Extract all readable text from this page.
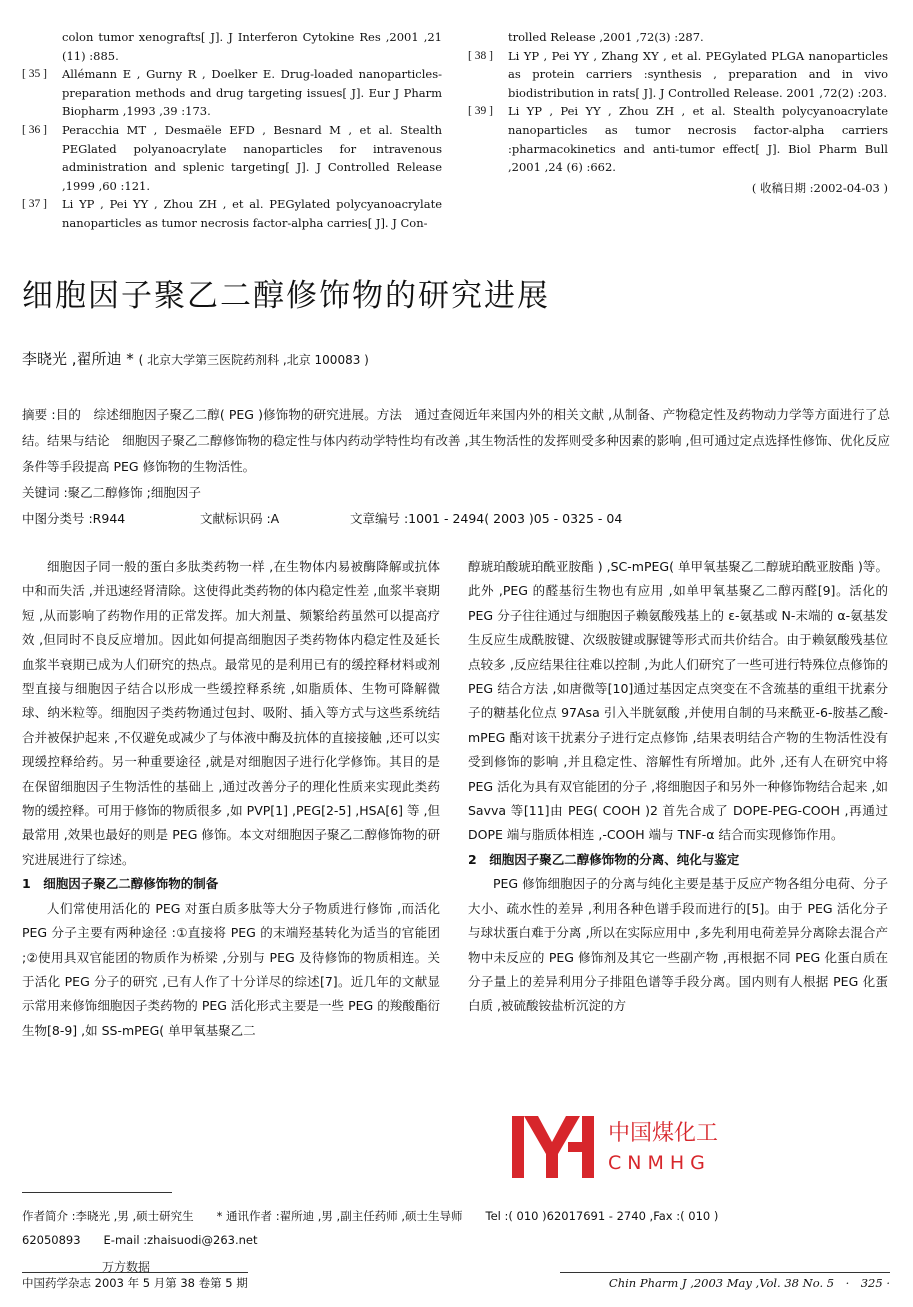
colon tumor xenografts[ J]. J Interferon Cytokine Res ,2001 ,21 (11) :885.
[ 35 ]	Allémann E , Gurny R , Doelker E. Drug-loaded nanoparticles-preparation methods and drug targeting issues[ J]. Eur J Pharm Biopharm ,1993 ,39 :173.
[ 36 ]	Peracchia MT , Desmaële EFD , Besnard M , et al. Stealth PEGlated polyanoacrylate nanoparticles for intravenous administration and splenic targeting[ J]. J Controlled Release ,1999 ,60 :121.
[ 37 ]	Li YP , Pei YY , Zhou ZH , et al. PEGylated polycyanoacrylate nanoparticles as tumor necrosis factor-alpha carries[ J]. J Con-
trolled Release ,2001 ,72(3) :287.
[ 38 ]	Li YP , Pei YY , Zhang XY , et al. PEGylated PLGA nanoparticles as protein carriers :synthesis , preparation and in vivo biodistribution in rats[ J]. J Controlled Release. 2001 ,72(2) :203.
[ 39 ]	Li YP , Pei YY , Zhou ZH , et al. Stealth polycyanoacrylate nanoparticles as tumor necrosis factor-alpha carriers :pharmacokinetics and anti-tumor effect[ J]. Biol Pharm Bull ,2001 ,24 (6) :662.
( 收稿日期 :2002-04-03 )
细胞因子聚乙二醇修饰物的研究进展
李晓光 ,翟所迪 * ( 北京大学第三医院药剂科 ,北京 100083 )

摘要 :目的　综述细胞因子聚乙二醇( PEG )修饰物的研究进展。方法　通过查阅近年来国内外的相关文献 ,从制备、产物稳定性及药物动力学等方面进行了总结。结果与结论　细胞因子聚乙二醇修饰物的稳定性与体内药动学特性均有改善 ,其生物活性的发挥则受多种因素的影响 ,但可通过定点选择性修饰、优化反应条件等手段提高 PEG 修饰物的生物活性。

关键词 :聚乙二醇修饰 ;细胞因子

中图分类号 :R944	文献标识码 :A	文章编号 :1001 - 2494( 2003 )05 - 0325 - 04

细胞因子同一般的蛋白多肽类药物一样 ,在生物体内易被酶降解或抗体中和而失活 ,并迅速经肾清除。这使得此类药物的体内稳定性差 ,血浆半衰期短 ,从而影响了药物作用的正常发挥。加大剂量、频繁给药虽然可以提高疗效 ,但同时不良反应增加。因此如何提高细胞因子类药物体内稳定性及延长血浆半衰期已成为人们研究的热点。最常见的是利用已有的缓控释材料或剂型直接与细胞因子结合以形成一些缓控释系统 ,如脂质体、生物可降解微球、纳米粒等。细胞因子类药物通过包封、吸附、插入等方式与这些系统结合并被保护起来 ,不仅避免或减少了与体液中酶及抗体的直接接触 ,还可以实现缓控释给药。另一种重要途径 ,就是对细胞因子进行化学修饰。其目的是在保留细胞因子生物活性的基础上 ,通过改善分子的理化性质来实现此类药物的缓控释。可用于修饰的物质很多 ,如 PVP[1] ,PEG[2-5] ,HSA[6] 等 ,但最常用 ,效果也最好的则是 PEG 修饰。本文对细胞因子聚乙二醇修饰物的研究进展进行了综述。

1　细胞因子聚乙二醇修饰物的制备

人们常使用活化的 PEG 对蛋白质多肽等大分子物质进行修饰 ,而活化 PEG 分子主要有两种途径 :①直接将 PEG 的末端羟基转化为适当的官能团 ;②使用具双官能团的物质作为桥梁 ,分别与 PEG 及待修饰的物质相连。关于活化 PEG 分子的研究 ,已有人作了十分详尽的综述[7]。近几年的文献显示常用来修饰细胞因子类药物的 PEG 活化形式主要是一些 PEG 的羧酸酯衍生物[8-9] ,如 SS-mPEG( 单甲氧基聚乙二

醇琥珀酸琥珀酰亚胺酯 ) ,SC-mPEG( 单甲氧基聚乙二醇琥珀酰亚胺酯 )等。此外 ,PEG 的醛基衍生物也有应用 ,如单甲氧基聚乙二醇丙醛[9]。活化的 PEG 分子往往通过与细胞因子赖氨酸残基上的 ε-氨基或 N-末端的 α-氨基发生反应生成酰胺键、次级胺键或脲键等形式而共价结合。由于赖氨酸残基位点较多 ,反应结果往往难以控制 ,为此人们研究了一些可进行特殊位点修饰的 PEG 结合方法 ,如唐微等[10]通过基因定点突变在不含巯基的重组干扰素分子的糖基化位点 97Asa 引入半胱氨酸 ,并使用自制的马来酰亚-6-胺基乙酸-mPEG 酯对该干扰素分子进行定点修饰 ,结果表明结合产物的生物活性没有受到修饰的影响 ,并且稳定性、溶解性有所增加。此外 ,还有人在研究中将 PEG 活化为具有双官能团的分子 ,将细胞因子和另外一种修饰物结合起来 ,如 Savva 等[11]由 PEG( COOH )2 首先合成了 DOPE-PEG-COOH ,再通过 DOPE 端与脂质体相连 ,-COOH 端与 TNF-α 结合而实现修饰作用。

2　细胞因子聚乙二醇修饰物的分离、纯化与鉴定

PEG 修饰细胞因子的分离与纯化主要是基于反应产物各组分电荷、分子大小、疏水性的差异 ,利用各种色谱手段而进行的[5]。由于 PEG 活化分子与球状蛋白难于分离 ,所以在实际应用中 ,多先利用电荷差异分离除去混合产物中未反应的 PEG 修饰剂及其它一些副产物 ,再根据不同 PEG 化蛋白质在分子量上的差异利用分子排阻色谱等手段分离。国内则有人根据 PEG 化蛋白质 ,被硫酸铵盐析沉淀的方

中国煤化工
CNMHG

作者简介 :李晓光 ,男 ,硕士研究生　　* 通讯作者 :翟所迪 ,男 ,副主任药师 ,硕士生导师　　Tel :( 010 )62017691 - 2740 ,Fax :( 010 )

62050893　　E-mail :zhaisuodi@263.net

万方数据
中国药学杂志 2003 年 5 月第 38 卷第 5 期	Chin Pharm J ,2003 May ,Vol. 38 No. 5　·　325 ·
